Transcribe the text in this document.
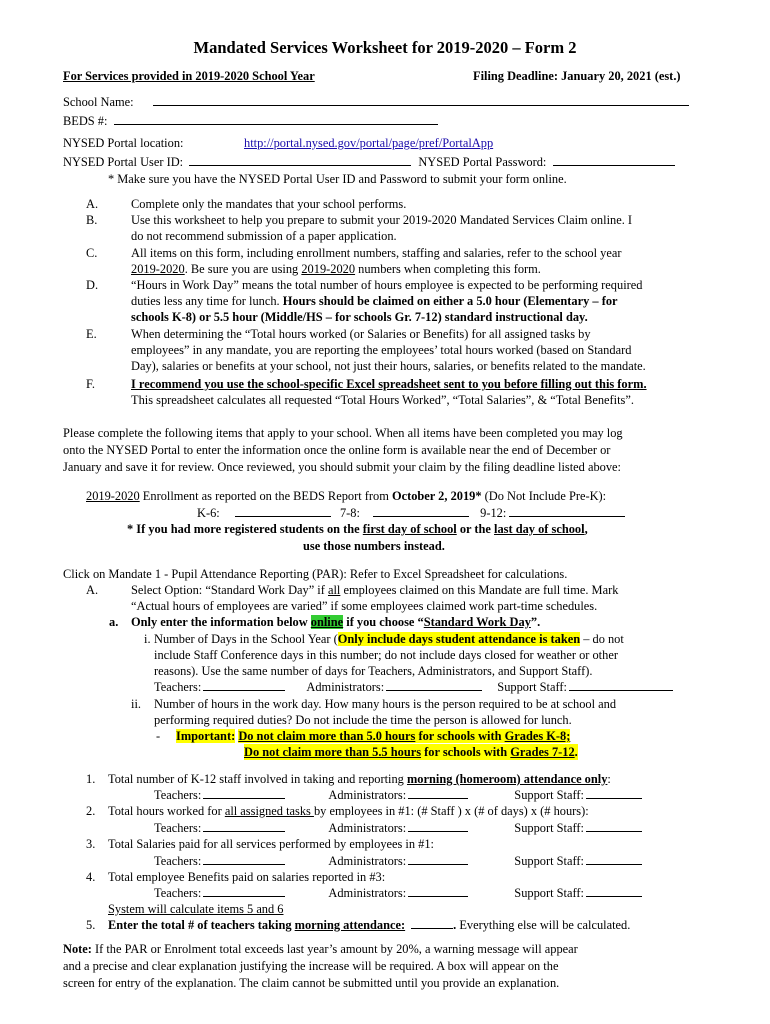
Mandated Services Worksheet for 2019-2020 – Form 2
For Services provided in 2019-2020 School Year	Filing Deadline: January 20, 2021 (est.)
School Name:
BEDS #:
NYSED Portal location:	http://portal.nysed.gov/portal/page/pref/PortalApp
NYSED Portal User ID:	NYSED Portal Password:
* Make sure you have the NYSED Portal User ID and Password to submit your form online.
A.	Complete only the mandates that your school performs.
B.	Use this worksheet to help you prepare to submit your 2019-2020 Mandated Services Claim online. I
do not recommend submission of a paper application.
C.	All items on this form, including enrollment numbers, staffing and salaries, refer to the school year
2019-2020. Be sure you are using 2019-2020 numbers when completing this form.
D.	“Hours in Work Day” means the total number of hours employee is expected to be performing required
duties less any time for lunch. Hours should be claimed on either a 5.0 hour (Elementary – for
schools K-8) or 5.5 hour (Middle/HS – for schools Gr. 7-12) standard instructional day.
E.	When determining the “Total hours worked (or Salaries or Benefits) for all assigned tasks by
employees” in any mandate, you are reporting the employees’ total hours worked (based on Standard
Day), salaries or benefits at your school, not just their hours, salaries, or benefits related to the mandate.
F.	I recommend you use the school-specific Excel spreadsheet sent to you before filling out this form.
This spreadsheet calculates all requested “Total Hours Worked”, “Total Salaries”, & “Total Benefits”.
Please complete the following items that apply to your school. When all items have been completed you may log
onto the NYSED Portal to enter the information once the online form is available near the end of December or
January and save it for review. Once reviewed, you should submit your claim by the filing deadline listed above:
2019-2020 Enrollment as reported on the BEDS Report from October 2, 2019* (Do Not Include Pre-K):
K-6:	7-8:	9-12:
* If you had more registered students on the first day of school or the last day of school,
use those numbers instead.
Click on Mandate 1 - Pupil Attendance Reporting (PAR): Refer to Excel Spreadsheet for calculations.
A.	Select Option: “Standard Work Day” if all employees claimed on this Mandate are full time. Mark
“Actual hours of employees are varied” if some employees claimed work part-time schedules.
a. Only enter the information below online if you choose “Standard Work Day”.
i. Number of Days in the School Year (Only include days student attendance is taken – do not
include Staff Conference days in this number; do not include days closed for weather or other
reasons). Use the same number of days for Teachers, Administrators, and Support Staff).
Teachers:	Administrators:	Support Staff:
ii. Number of hours in the work day. How many hours is the person required to be at school and
performing required duties? Do not include the time the person is allowed for lunch.
- Important: Do not claim more than 5.0 hours for schools with Grades K-8;
Do not claim more than 5.5 hours for schools with Grades 7-12.
1. Total number of K-12 staff involved in taking and reporting morning (homeroom) attendance only:
Teachers:	Administrators:	Support Staff:
2. Total hours worked for all assigned tasks by employees in #1: (# Staff ) x (# of days) x (# hours):
Teachers:	Administrators:	Support Staff:
3. Total Salaries paid for all services performed by employees in #1:
Teachers:	Administrators:	Support Staff:
4. Total employee Benefits paid on salaries reported in #3:
Teachers:	Administrators:	Support Staff:
System will calculate items 5 and 6
5. Enter the total # of teachers taking morning attendance:	. Everything else will be calculated.
Note: If the PAR or Enrolment total exceeds last year’s amount by 20%, a warning message will appear
and a precise and clear explanation justifying the increase will be required. A box will appear on the
screen for entry of the explanation. The claim cannot be submitted until you provide an explanation.
